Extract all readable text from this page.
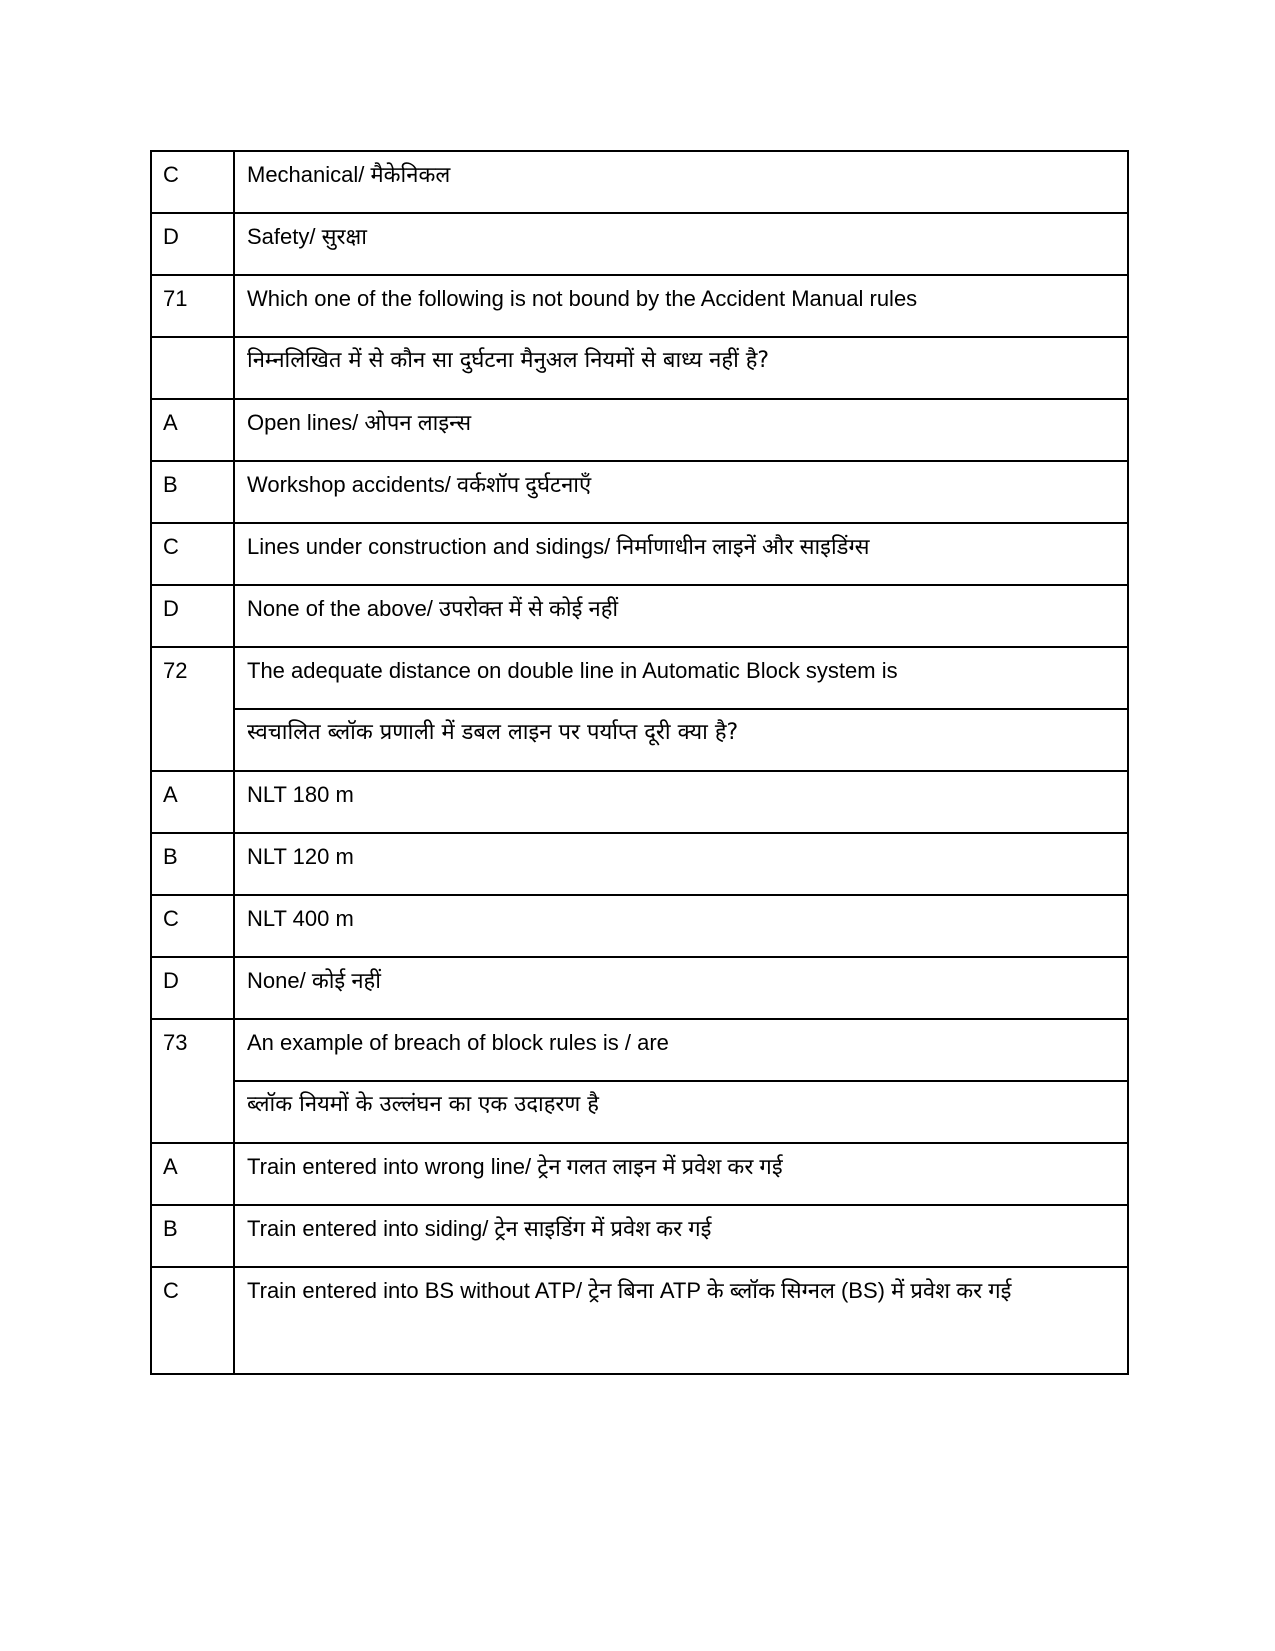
C	Mechanical/ मैकेनिकल
D	Safety/ सुरक्षा
71	Which one of the following is not bound by the Accident Manual rules
	निम्नलिखित में से कौन सा दुर्घटना मैनुअल नियमों से बाध्य नहीं है?
A	Open lines/ ओपन लाइन्स
B	Workshop accidents/ वर्कशॉप दुर्घटनाएँ
C	Lines under construction and sidings/ निर्माणाधीन लाइनें और साइडिंग्स
D	None of the above/ उपरोक्त में से कोई नहीं
72	The adequate distance on double line in Automatic Block system is
	स्वचालित ब्लॉक प्रणाली में डबल लाइन पर पर्याप्त दूरी क्या है?
A	NLT 180 m
B	NLT 120 m
C	NLT 400 m
D	None/ कोई नहीं
73	An example of breach of block rules is / are
	ब्लॉक नियमों के उल्लंघन का एक उदाहरण है
A	Train entered into wrong line/ ट्रेन गलत लाइन में प्रवेश कर गई
B	Train entered into siding/ ट्रेन साइडिंग में प्रवेश कर गई
C	Train entered into BS without ATP/ ट्रेन बिना ATP के ब्लॉक सिग्नल (BS) में प्रवेश कर गई
